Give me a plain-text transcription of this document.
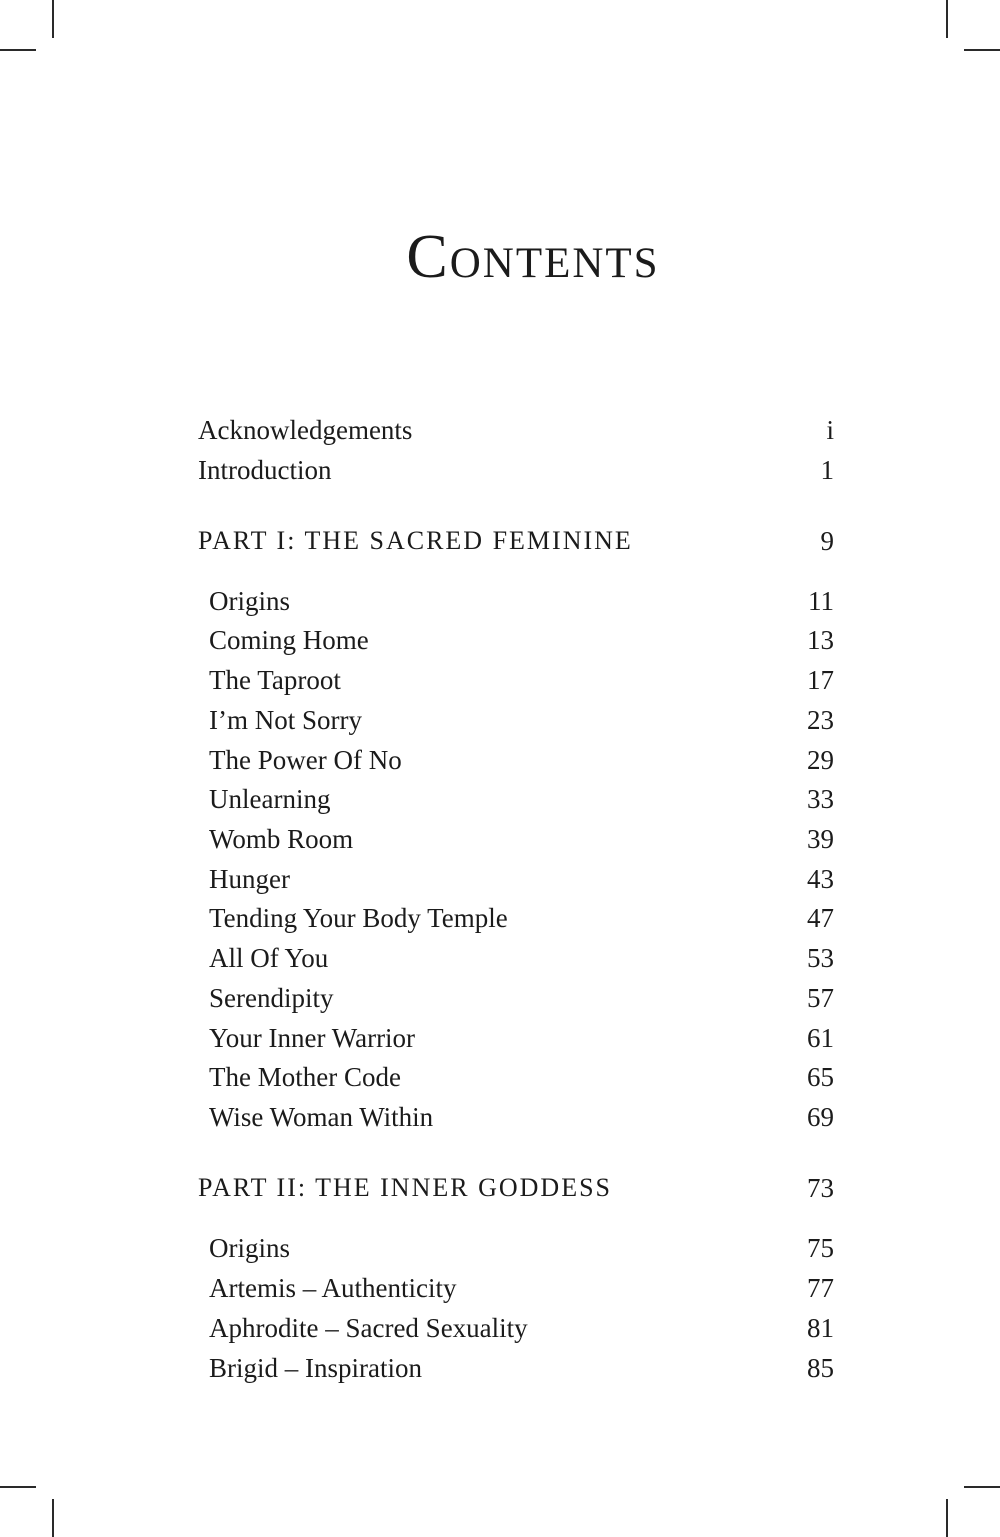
Contents
Acknowledgements	i
Introduction	1
PART I: THE SACRED FEMININE	9
Origins	11
Coming Home	13
The Taproot	17
I’m Not Sorry	23
The Power Of No	29
Unlearning	33
Womb Room	39
Hunger	43
Tending Your Body Temple	47
All Of You	53
Serendipity	57
Your Inner Warrior	61
The Mother Code	65
Wise Woman Within	69
PART II: THE INNER GODDESS	73
Origins	75
Artemis – Authenticity	77
Aphrodite – Sacred Sexuality	81
Brigid – Inspiration	85
